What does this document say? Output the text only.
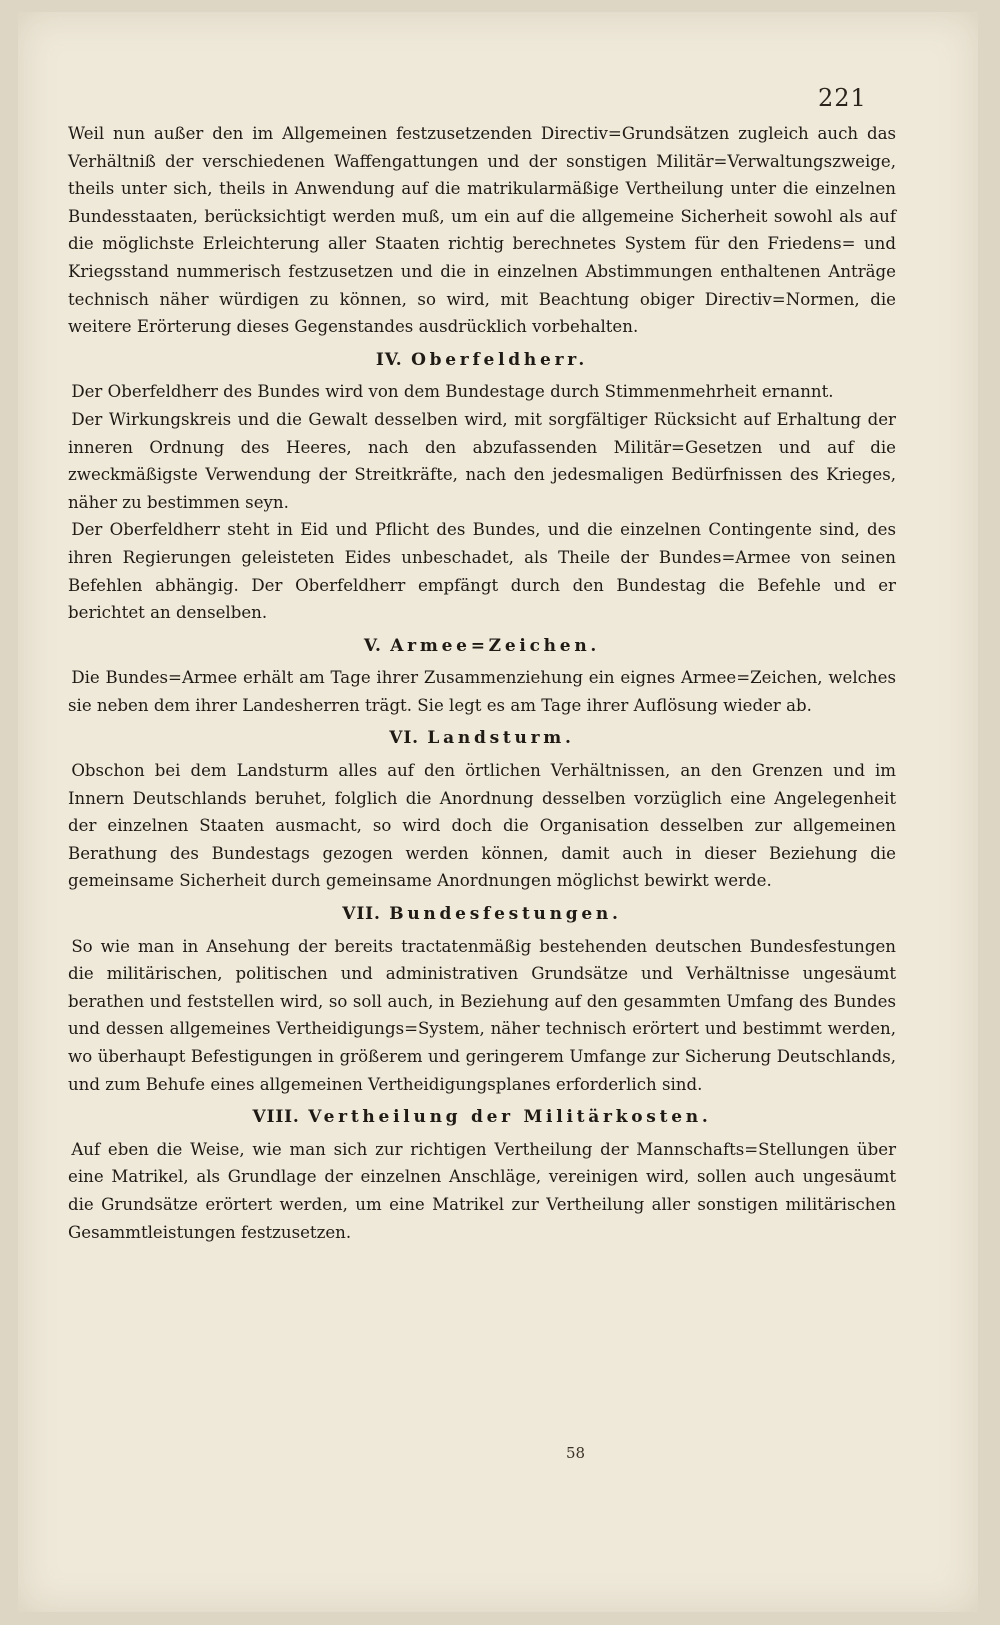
221

Weil nun außer den im Allgemeinen festzusetzenden Directiv=Grundsätzen zugleich auch das Verhältniß der verschiedenen Waffengattungen und der sonstigen Militär=Verwaltungszweige, theils unter sich, theils in Anwendung auf die matrikularmäßige Vertheilung unter die einzelnen Bundesstaaten, berücksichtigt werden muß, um ein auf die allgemeine Sicherheit sowohl als auf die möglichste Erleichterung aller Staaten richtig berechnetes System für den Friedens= und Kriegsstand nummerisch festzusetzen und die in einzelnen Abstimmungen enthaltenen Anträge technisch näher würdigen zu können, so wird, mit Beachtung obiger Directiv=Normen, die weitere Erörterung dieses Gegenstandes ausdrücklich vorbehalten.

IV. Oberfeldherr.

Der Oberfeldherr des Bundes wird von dem Bundestage durch Stimmenmehrheit ernannt.

Der Wirkungskreis und die Gewalt desselben wird, mit sorgfältiger Rücksicht auf Erhaltung der inneren Ordnung des Heeres, nach den abzufassenden Militär=Gesetzen und auf die zweckmäßigste Verwendung der Streitkräfte, nach den jedesmaligen Bedürfnissen des Krieges, näher zu bestimmen seyn.

Der Oberfeldherr steht in Eid und Pflicht des Bundes, und die einzelnen Contingente sind, des ihren Regierungen geleisteten Eides unbeschadet, als Theile der Bundes=Armee von seinen Befehlen abhängig. Der Oberfeldherr empfängt durch den Bundestag die Befehle und er berichtet an denselben.

V. Armee=Zeichen.

Die Bundes=Armee erhält am Tage ihrer Zusammenziehung ein eignes Armee=Zeichen, welches sie neben dem ihrer Landesherren trägt. Sie legt es am Tage ihrer Auflösung wieder ab.

VI. Landsturm.

Obschon bei dem Landsturm alles auf den örtlichen Verhältnissen, an den Grenzen und im Innern Deutschlands beruhet, folglich die Anordnung desselben vorzüglich eine Angelegenheit der einzelnen Staaten ausmacht, so wird doch die Organisation desselben zur allgemeinen Berathung des Bundestags gezogen werden können, damit auch in dieser Beziehung die gemeinsame Sicherheit durch gemeinsame Anordnungen möglichst bewirkt werde.

VII. Bundesfestungen.

So wie man in Ansehung der bereits tractatenmäßig bestehenden deutschen Bundesfestungen die militärischen, politischen und administrativen Grundsätze und Verhältnisse ungesäumt berathen und feststellen wird, so soll auch, in Beziehung auf den gesammten Umfang des Bundes und dessen allgemeines Vertheidigungs=System, näher technisch erörtert und bestimmt werden, wo überhaupt Befestigungen in größerem und geringerem Umfange zur Sicherung Deutschlands, und zum Behufe eines allgemeinen Vertheidigungsplanes erforderlich sind.

VIII. Vertheilung der Militärkosten.

Auf eben die Weise, wie man sich zur richtigen Vertheilung der Mannschafts=Stellungen über eine Matrikel, als Grundlage der einzelnen Anschläge, vereinigen wird, sollen auch ungesäumt die Grundsätze erörtert werden, um eine Matrikel zur Vertheilung aller sonstigen militärischen Gesammtleistungen festzusetzen.

58
